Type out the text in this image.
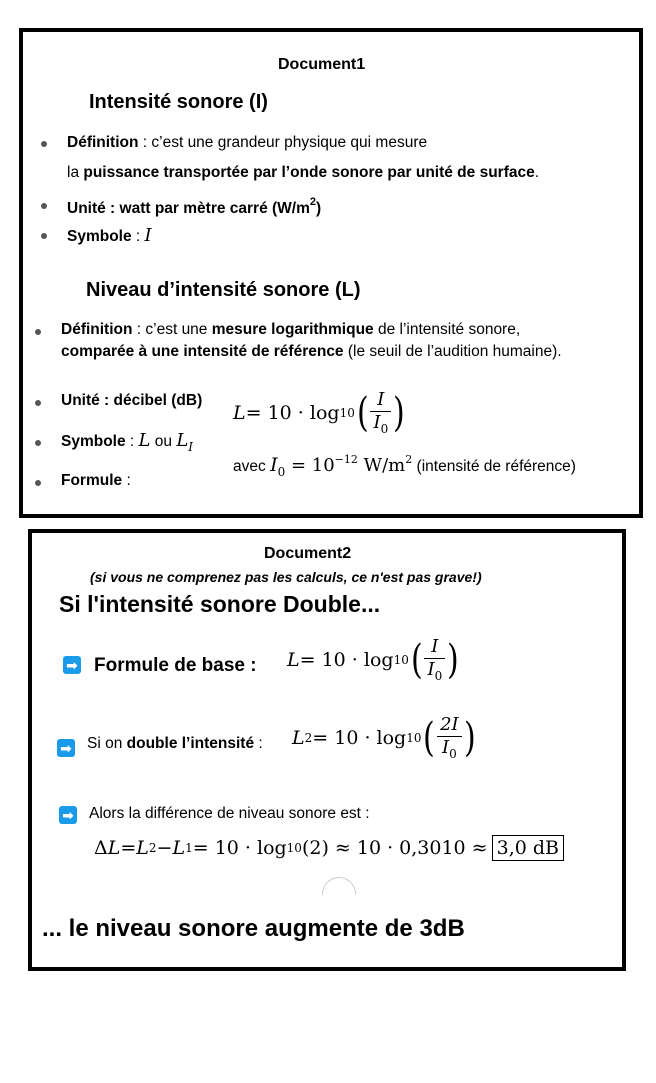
Document1
Intensité sonore (I)
Définition : c’est une grandeur physique qui mesure
la puissance transportée par l’onde sonore par unité de surface.
Unité : watt par mètre carré $(W/m^2)$
Symbole : I
Niveau d’intensité sonore (L)
Définition : c’est une mesure logarithmique de l’intensité sonore,
comparée à une intensité de référence (le seuil de l’audition humaine).
Unité : décibel (dB)
Symbole : L ou $L_I$
Formule :
L = 10 · log 10 ( $\frac{I}{I_0}$ )
avec $I_0 = 10^{-12}$ $W/m^2$ (intensité de référence)
Document2
(si vous ne comprenez pas les calculs, ce n'est pas grave!)
Si l'intensité sonore Double...
➡ Formule de base : L = 10 · log 10 ( $\frac{I}{I_0}$ )
➡ Si on double l’intensité : L 2 = 10 · log 10 ( $\frac{2I}{I_0}$ )
➡ Alors la différence de niveau sonore est :
Δ L = L 2 − L 1 = 10 · log 10 (2) ≈ 10 · 0,3010 ≈ 3,0 dB
... le niveau sonore augmente de 3dB
